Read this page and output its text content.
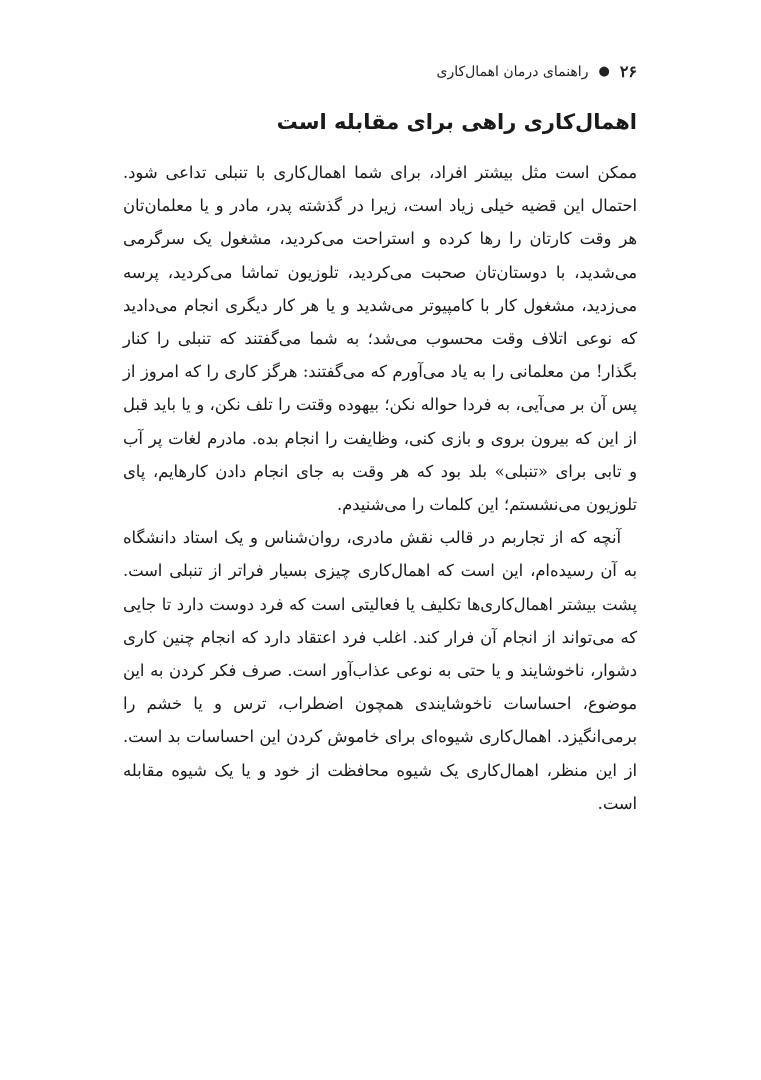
۲۶
●
راهنمای درمان اهمال‌کاری
اهمال‌کاری راهی برای مقابله است

ممکن است مثل بیشتر افراد، برای شما اهمال‌کاری با تنبلی تداعی شود. احتمال این قضیه خیلی زیاد است، زیرا در گذشته پدر، مادر و یا معلمان‌تان هر وقت کارتان را رها کرده و استراحت می‌کردید، مشغول یک سرگرمی می‌شدید، با دوستان‌تان صحبت می‌کردید، تلوزیون تماشا می‌کردید، پرسه می‌زدید، مشغول کار با کامپیوتر می‌شدید و یا هر کار دیگری انجام می‌دادید که نوعی اتلاف وقت محسوب می‌شد؛ به شما می‌گفتند که تنبلی را کنار بگذار! من معلمانی را به یاد می‌آورم که می‌گفتند: هرگز کاری را که امروز از پس آن بر می‌آیی، به فردا حواله نکن؛ بیهوده وقتت را تلف نکن، و یا باید قبل از این که بیرون بروی و بازی کنی، وظایفت را انجام بده. مادرم لغات پر آب و تابی برای «تنبلی» بلد بود که هر وقت به جای انجام دادن کارهایم، پای تلوزیون می‌نشستم؛ این کلمات را می‌شنیدم.

آنچه که از تجاربم در قالب نقش مادری، روان‌شناس و یک استاد دانشگاه به آن رسیده‌ام، این است که اهمال‌کاری چیزی بسیار فراتر از تنبلی است. پشت بیشتر اهمال‌کاری‌ها تکلیف یا فعالیتی است که فرد دوست دارد تا جایی که می‌تواند از انجام آن فرار کند. اغلب فرد اعتقاد دارد که انجام چنین کاری دشوار، ناخوشایند و یا حتی به نوعی عذاب‌آور است. صرف فکر کردن به این موضوع، احساسات ناخوشایندی همچون اضطراب، ترس و یا خشم را برمی‌انگیزد. اهمال‌کاری شیوه‌ای برای خاموش کردن این احساسات بد است. از این منظر، اهمال‌کاری یک شیوه محافظت از خود و یا یک شیوه مقابله است.
